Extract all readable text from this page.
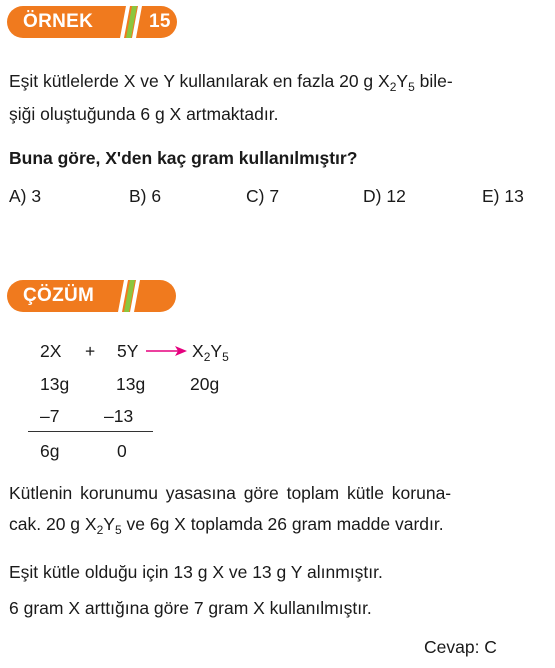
ÖRNEK	15
Eşit kütlelerde X ve Y kullanılarak en fazla 20 g $X_2Y_5$ bile-
şiği oluştuğunda 6 g X artmaktadır.
Buna göre, X'den kaç gram kullanılmıştır?
A) 3	B) 6	C) 7	D) 12	E) 13
ÇÖZÜM
$2X + 5Y \to X_2Y_5$
13g	13g	20g
–7	–13
6g	0
Kütlenin korunumu yasasına göre toplam kütle koruna-
cak. 20 g $X_2Y_5$ ve 6g X toplamda 26 gram madde vardır.
Eşit kütle olduğu için 13 g X ve 13 g Y alınmıştır.
6 gram X arttığına göre 7 gram X kullanılmıştır.
Cevap: C
